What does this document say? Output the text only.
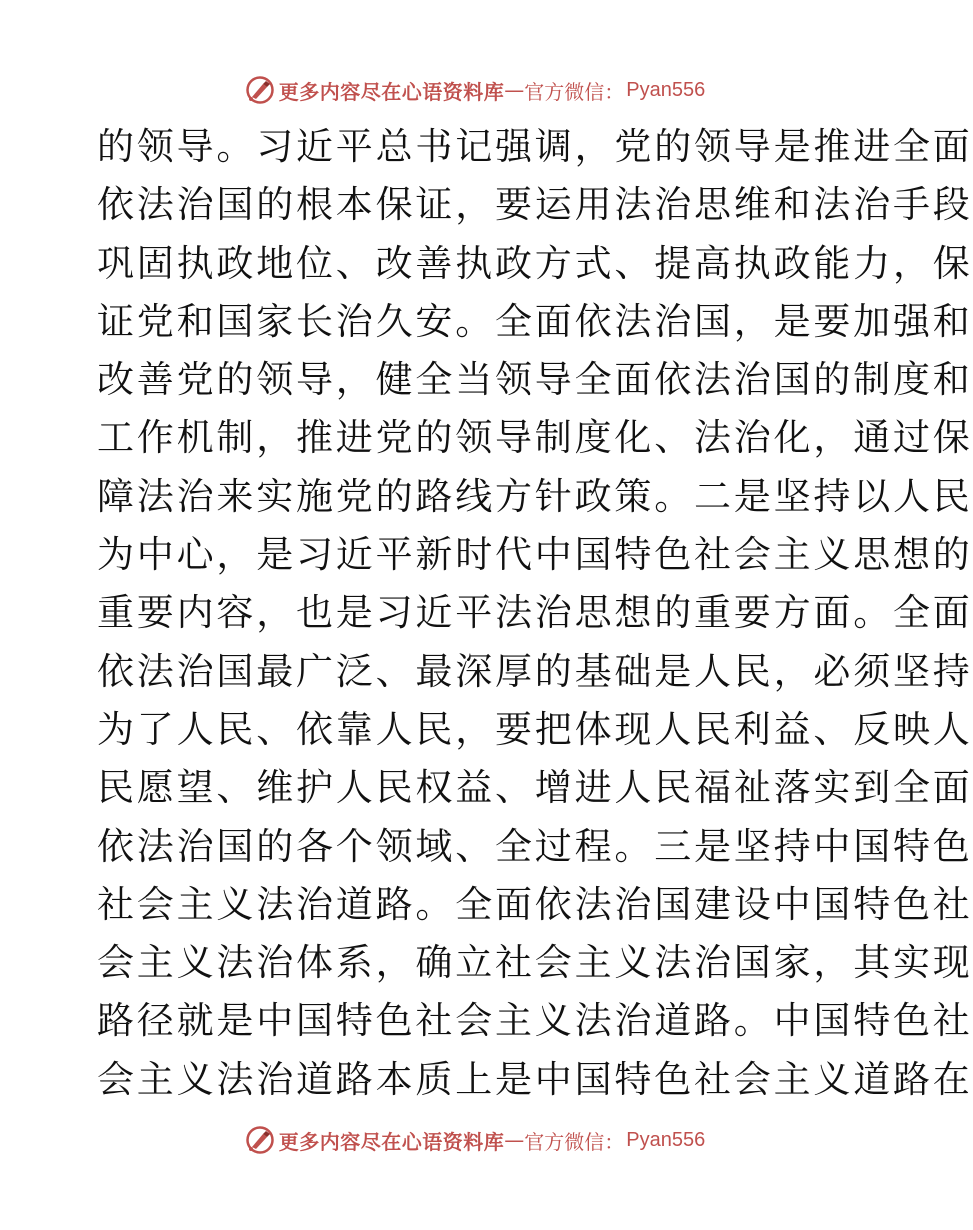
更多内容尽在心语资料库 — 官方微信： Pyan556
的领导。习近平总书记强调，党的领导是推进全面
依法治国的根本保证，要运用法治思维和法治手段
巩固执政地位、改善执政方式、提高执政能力，保
证党和国家长治久安。全面依法治国，是要加强和
改善党的领导，健全当领导全面依法治国的制度和
工作机制，推进党的领导制度化、法治化，通过保
障法治来实施党的路线方针政策。二是坚持以人民
为中心，是习近平新时代中国特色社会主义思想的
重要内容，也是习近平法治思想的重要方面。全面
依法治国最广泛、最深厚的基础是人民，必须坚持
为了人民、依靠人民，要把体现人民利益、反映人
民愿望、维护人民权益、增进人民福祉落实到全面
依法治国的各个领域、全过程。三是坚持中国特色
社会主义法治道路。全面依法治国建设中国特色社
会主义法治体系，确立社会主义法治国家，其实现
路径就是中国特色社会主义法治道路。中国特色社
会主义法治道路本质上是中国特色社会主义道路在
更多内容尽在心语资料库 — 官方微信： Pyan556
